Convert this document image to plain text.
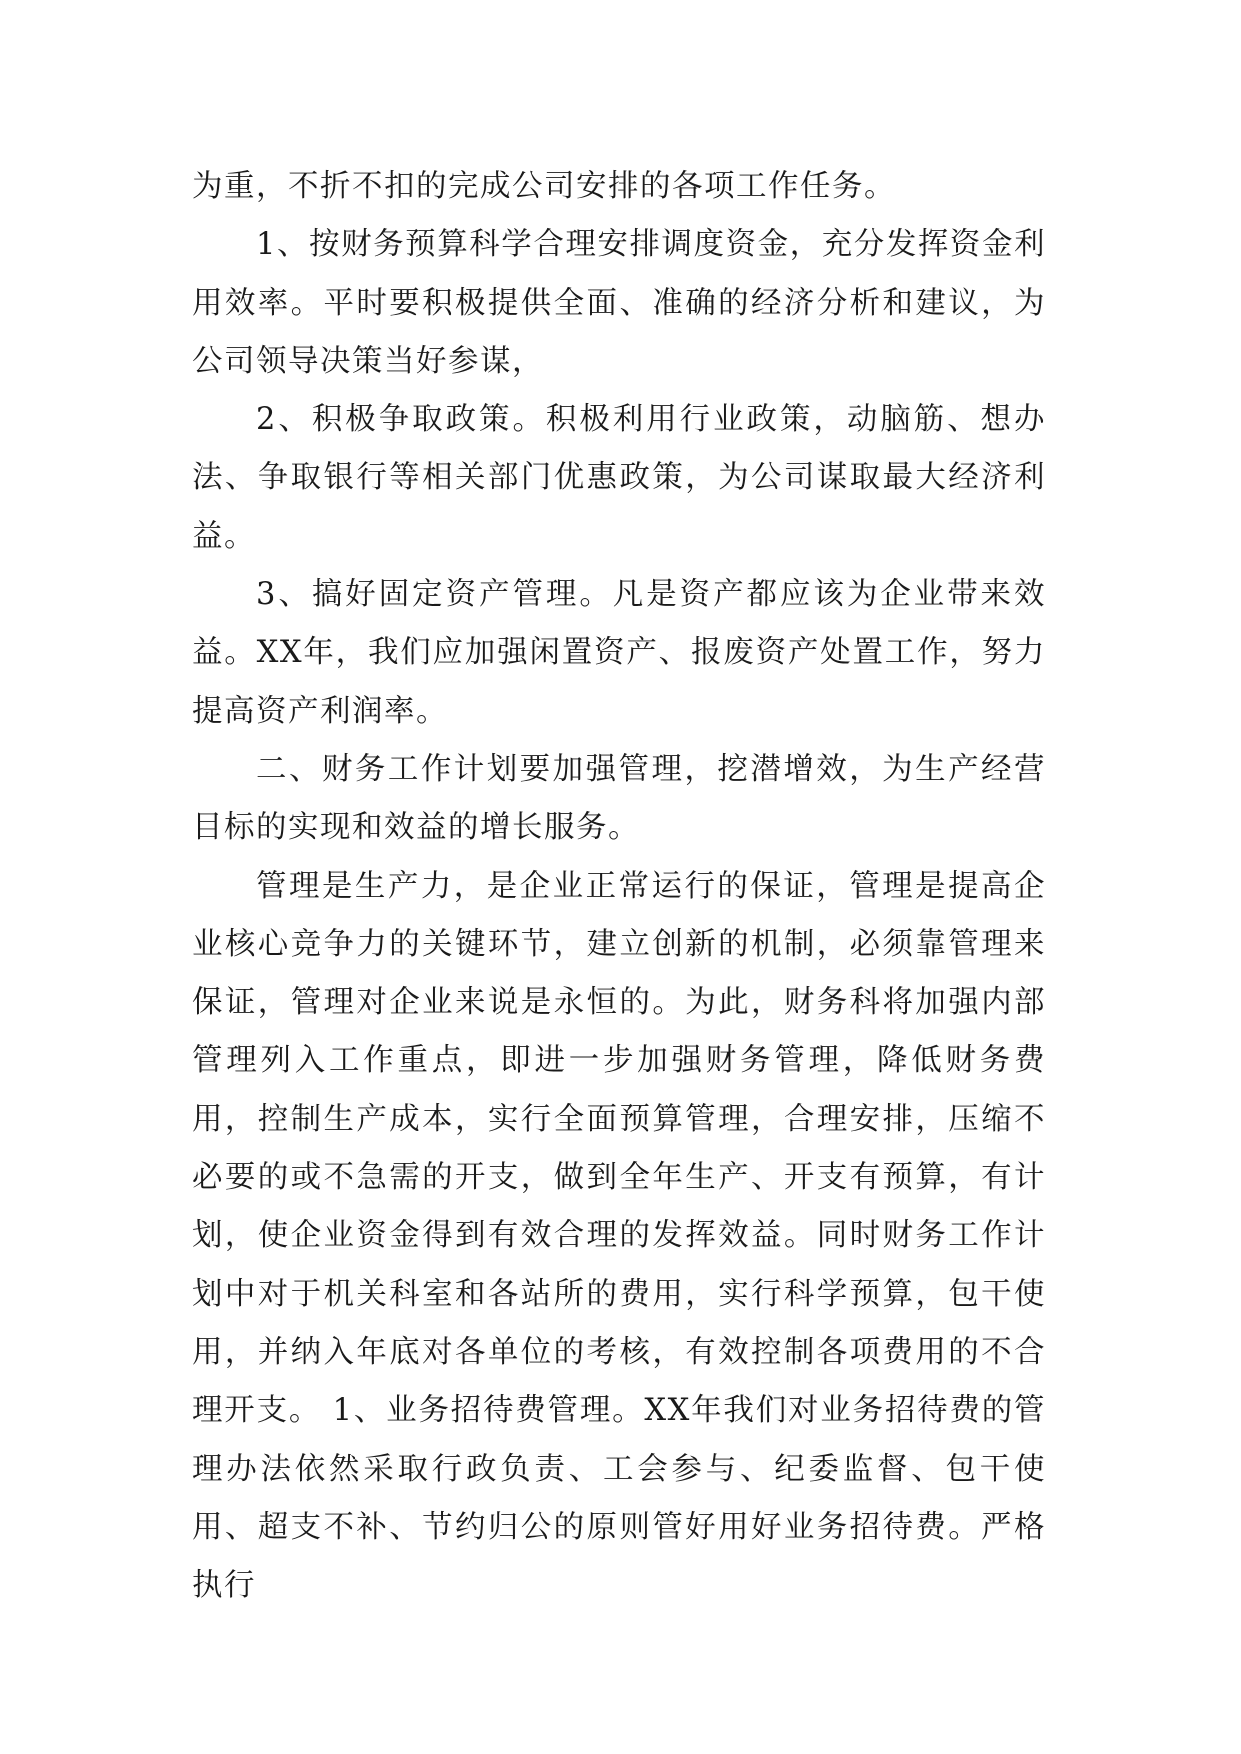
为重，不折不扣的完成公司安排的各项工作任务。

1、按财务预算科学合理安排调度资金，充分发挥资金利用效率。平时要积极提供全面、准确的经济分析和建议，为公司领导决策当好参谋，

2、积极争取政策。积极利用行业政策，动脑筋、想办法、争取银行等相关部门优惠政策，为公司谋取最大经济利益。

3、搞好固定资产管理。凡是资产都应该为企业带来效益。XX年，我们应加强闲置资产、报废资产处置工作，努力提高资产利润率。

二、财务工作计划要加强管理，挖潜增效，为生产经营目标的实现和效益的增长服务。

管理是生产力，是企业正常运行的保证，管理是提高企业核心竞争力的关键环节，建立创新的机制，必须靠管理来保证，管理对企业来说是永恒的。为此，财务科将加强内部管理列入工作重点，即进一步加强财务管理，降低财务费用，控制生产成本，实行全面预算管理，合理安排，压缩不必要的或不急需的开支，做到全年生产、开支有预算，有计划，使企业资金得到有效合理的发挥效益。同时财务工作计划中对于机关科室和各站所的费用，实行科学预算，包干使用，并纳入年底对各单位的考核，有效控制各项费用的不合理开支。 1、业务招待费管理。XX年我们对业务招待费的管理办法依然采取行政负责、工会参与、纪委监督、包干使用、超支不补、节约归公的原则管好用好业务招待费。严格执行
